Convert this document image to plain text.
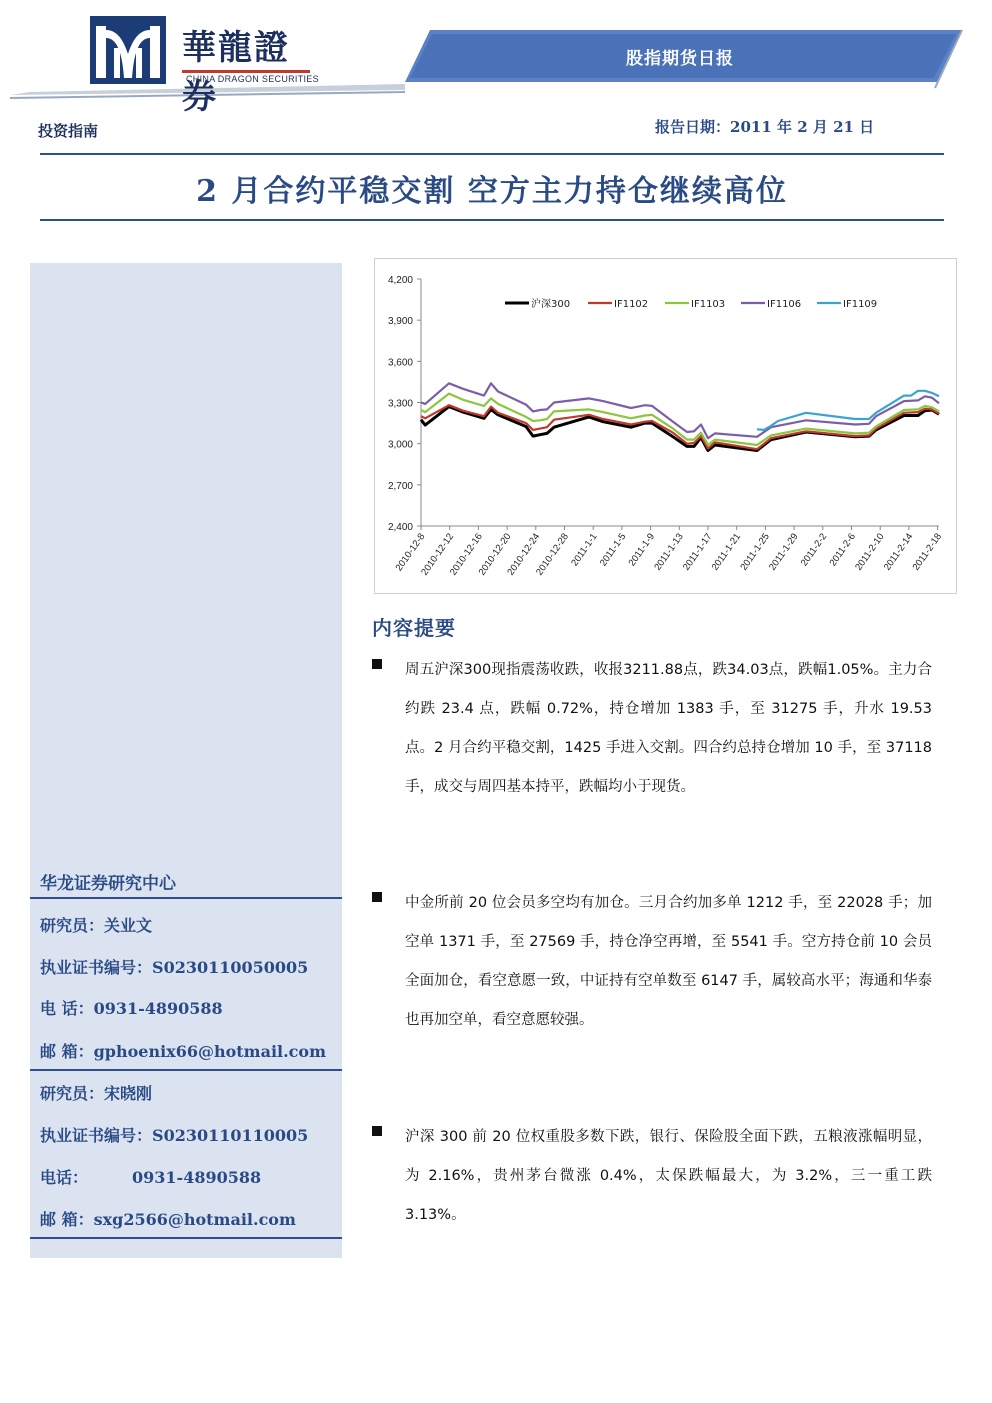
華龍證券
CHINA DRAGON SECURITIES
股指期货日报
投资指南	报告日期：2011 年 2 月 21 日
2 月合约平稳交割 空方主力持仓继续高位
华龙证券研究中心
研究员：关业文
执业证书编号：S0230110050005
电 话：0931-4890588
邮 箱：gphoenix66@hotmail.com
研究员：宋晓刚
执业证书编号：S0230110110005
电话：	0931-4890588
邮 箱：sxg2566@hotmail.com
2,400
2,700
3,000
3,300
3,600
3,900
4,200
2010-12-8
2010-12-12
2010-12-16
2010-12-20
2010-12-24
2010-12-28
2011-1-1
2011-1-5
2011-1-9
2011-1-13
2011-1-17
2011-1-21
2011-1-25
2011-1-29
2011-2-2
2011-2-6
2011-2-10
2011-2-14
2011-2-18
沪深300	IF1102	IF1103	IF1106	IF1109
内容提要
周五沪深300现指震荡收跌，收报3211.88点，跌34.03点，跌幅1.05%。主力合约跌 23.4 点，跌幅 0.72%，持仓增加 1383 手，至 31275 手，升水 19.53 点。2 月合约平稳交割，1425 手进入交割。四合约总持仓增加 10 手，至 37118 手，成交与周四基本持平，跌幅均小于现货。
中金所前 20 位会员多空均有加仓。三月合约加多单 1212 手，至 22028 手；加空单 1371 手，至 27569 手，持仓净空再增，至 5541 手。空方持仓前 10 会员全面加仓，看空意愿一致，中证持有空单数至 6147 手，属较高水平；海通和华泰也再加空单，看空意愿较强。
沪深 300 前 20 位权重股多数下跌，银行、保险股全面下跌，五粮液涨幅明显，为 2.16%，贵州茅台微涨 0.4%，太保跌幅最大，为 3.2%，三一重工跌 3.13%。
